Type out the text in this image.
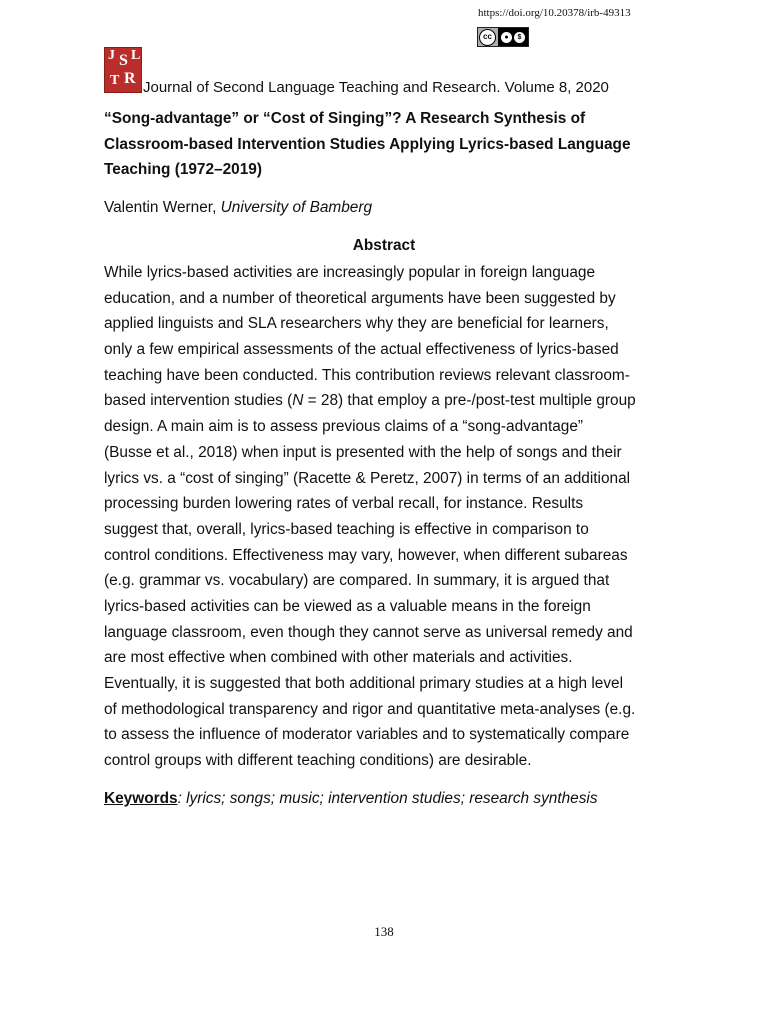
https://doi.org/10.20378/irb-49313
cc	●	$
J S L
T R
Journal of Second Language Teaching and Research. Volume 8, 2020
“Song-advantage” or “Cost of Singing”? A Research Synthesis of
Classroom-based Intervention Studies Applying Lyrics-based Language
Teaching (1972–2019)
Valentin Werner, University of Bamberg
Abstract
While lyrics-based activities are increasingly popular in foreign language
education, and a number of theoretical arguments have been suggested by
applied linguists and SLA researchers why they are beneficial for learners,
only a few empirical assessments of the actual effectiveness of lyrics-based
teaching have been conducted. This contribution reviews relevant classroom-
based intervention studies (N = 28) that employ a pre-/post-test multiple group
design. A main aim is to assess previous claims of a “song-advantage”
(Busse et al., 2018) when input is presented with the help of songs and their
lyrics vs. a “cost of singing” (Racette & Peretz, 2007) in terms of an additional
processing burden lowering rates of verbal recall, for instance. Results
suggest that, overall, lyrics-based teaching is effective in comparison to
control conditions. Effectiveness may vary, however, when different subareas
(e.g. grammar vs. vocabulary) are compared. In summary, it is argued that
lyrics-based activities can be viewed as a valuable means in the foreign
language classroom, even though they cannot serve as universal remedy and
are most effective when combined with other materials and activities.
Eventually, it is suggested that both additional primary studies at a high level
of methodological transparency and rigor and quantitative meta-analyses (e.g.
to assess the influence of moderator variables and to systematically compare
control groups with different teaching conditions) are desirable.
Keywords: lyrics; songs; music; intervention studies; research synthesis
138
